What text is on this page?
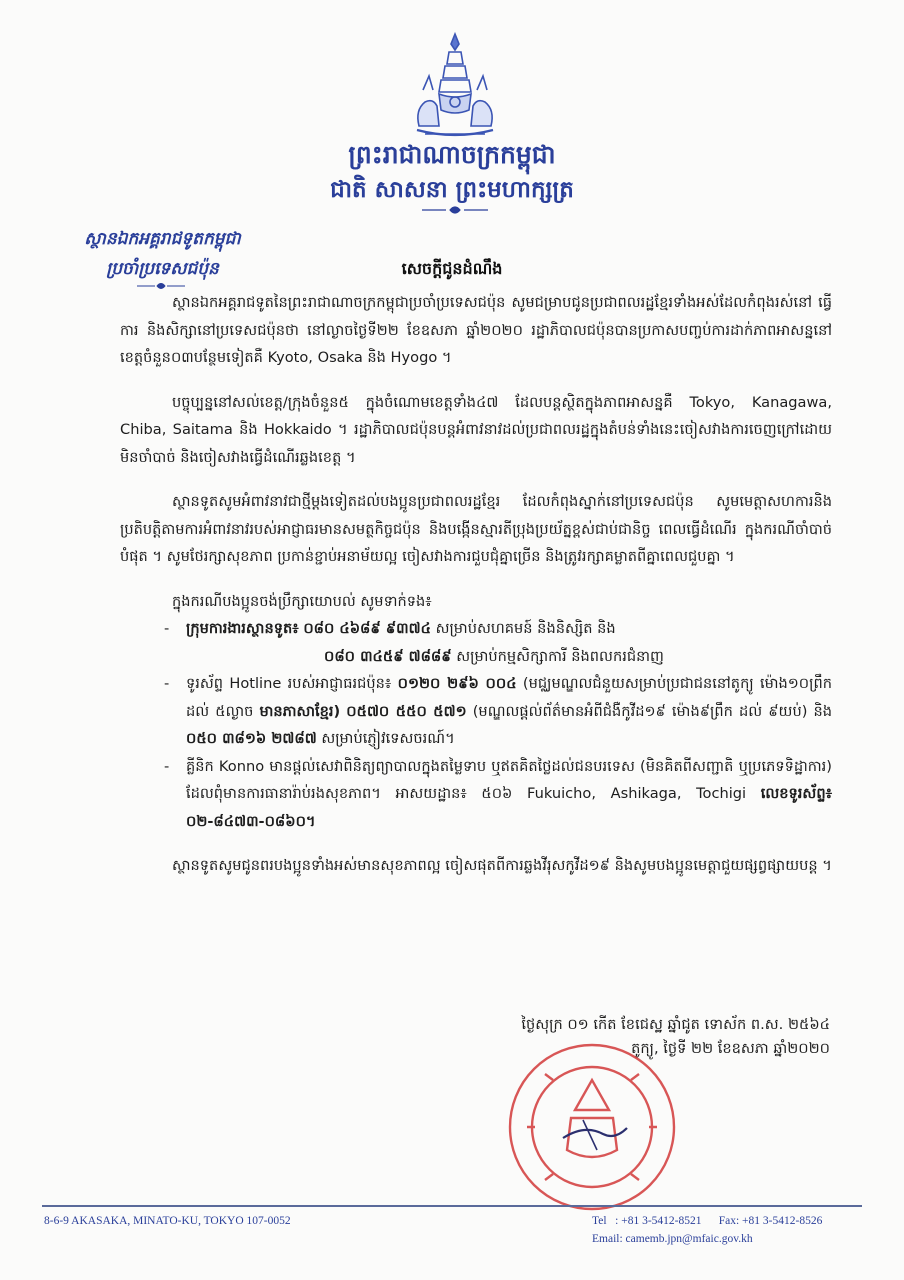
ព្រះរាជាណាចក្រកម្ពុជា
ជាតិ សាសនា ព្រះមហាក្សត្រ
ស្ថានឯកអគ្គរាជទូតកម្ពុជា
ប្រចាំប្រទេសជប៉ុន	សេចក្តីជូនដំណឹង

ស្ថានឯកអគ្គរាជទូតនៃព្រះរាជាណាចក្រកម្ពុជាប្រចាំប្រទេសជប៉ុន សូមជម្រាបជូនប្រជាពលរដ្ឋខ្មែរទាំងអស់ដែលកំពុងរស់នៅ ធ្វើការ និងសិក្សានៅប្រទេសជប៉ុនថា នៅល្ងាចថ្ងៃទី២២ ខែឧសភា ឆ្នាំ២០២០ រដ្ឋាភិបាលជប៉ុនបានប្រកាសបញ្ចប់ការដាក់ភាពអាសន្ននៅខេត្តចំនួន០៣បន្ថែមទៀតគឺ Kyoto, Osaka និង Hyogo ។

បច្ចុប្បន្ននៅសល់ខេត្ត/ក្រុងចំនួន៥ ក្នុងចំណោមខេត្តទាំង៤៧ ដែលបន្តស្ថិតក្នុងភាពអាសន្នគឺ Tokyo, Kanagawa, Chiba, Saitama និង Hokkaido ។ រដ្ឋាភិបាលជប៉ុនបន្តអំពាវនាវដល់ប្រជាពលរដ្ឋក្នុងតំបន់ទាំងនេះចៀសវាងការចេញក្រៅដោយមិនចាំបាច់ និងចៀសវាងធ្វើដំណើរឆ្លងខេត្ត ។

ស្ថានទូតសូមអំពាវនាវជាថ្មីម្តងទៀតដល់បងប្អូនប្រជាពលរដ្ឋខ្មែរ ដែលកំពុងស្នាក់នៅប្រទេសជប៉ុន សូមមេត្តាសហការនិងប្រតិបត្តិតាមការអំពាវនាវរបស់អាជ្ញាធរមានសមត្ថកិច្ចជប៉ុន និងបង្កើនស្មារតីប្រុងប្រយ័ត្នខ្ពស់ជាប់ជានិច្ច ពេលធ្វើដំណើរ ក្នុងករណីចាំបាច់បំផុត ។ សូមថែរក្សាសុខភាព ប្រកាន់ខ្ជាប់អនាម័យល្អ ចៀសវាងការជួបជុំគ្នាច្រើន និងត្រូវរក្សាគម្លាតពីគ្នាពេលជួបគ្នា ។

ក្នុងករណីបងប្អូនចង់ប្រឹក្សាយោបល់ សូមទាក់ទង៖

- ក្រុមការងារស្ថានទូត៖ ០៨០ ៤៦៨៩ ៩៣៧៤ សម្រាប់សហគមន៍ និងនិស្សិត និង
០៨០ ៣៤៥៩ ៧៨៨៩ សម្រាប់កម្មសិក្សាការី និងពលករជំនាញ
- ទូរស័ព្ទ Hotline របស់អាជ្ញាធរជប៉ុន៖ ០១២០ ២៩៦ ០០៤ (មជ្ឈមណ្ឌលជំនួយសម្រាប់ប្រជាជននៅតូក្យូ ម៉ោង១០ព្រឹក ដល់ ៥ល្ងាច មានភាសាខ្មែរ) ០៥៧០ ៥៥០ ៥៧១ (មណ្ឌលផ្តល់ព័ត៌មានអំពីជំងឺកូវីដ១៩ ម៉ោង៩ព្រឹក ដល់ ៩យប់) និង ០៥០ ៣៨១៦ ២៧៨៧ សម្រាប់ភ្ញៀវទេសចរណ៍។
- គ្លីនិក Konno មានផ្តល់សេវាពិនិត្យព្យាបាលក្នុងតម្លៃទាប ឬឥតគិតថ្លៃដល់ជនបរទេស (មិនគិតពីសញ្ជាតិ ឬប្រភេទទិដ្ឋាការ) ដែលពុំមានការធានារ៉ាប់រងសុខភាព។ អាសយដ្ឋាន៖ ៥០៦ Fukuicho, Ashikaga, Tochigi លេខទូរស័ព្ទ៖ ០២-៨៤៧៣-០៨៦០។

ស្ថានទូតសូមជូនពរបងប្អូនទាំងអស់មានសុខភាពល្អ ចៀសផុតពីការឆ្លងវីរុសកូវីដ១៩ និងសូមបងប្អូនមេត្តាជួយផ្សព្វផ្សាយបន្ត ។

ថ្ងៃសុក្រ ០១ កើត ខែជេស្ឋ ឆ្នាំជូត ទោស័ក ព.ស. ២៥៦៤
តូក្យូ, ថ្ងៃទី ២២ ខែឧសភា ឆ្នាំ២០២០
8-6-9 AKASAKA, MINATO-KU, TOKYO 107-0052	Tel   : +81 3-5412-8521      Fax: +81 3-5412-8526
Email: camemb.jpn@mfaic.gov.kh
